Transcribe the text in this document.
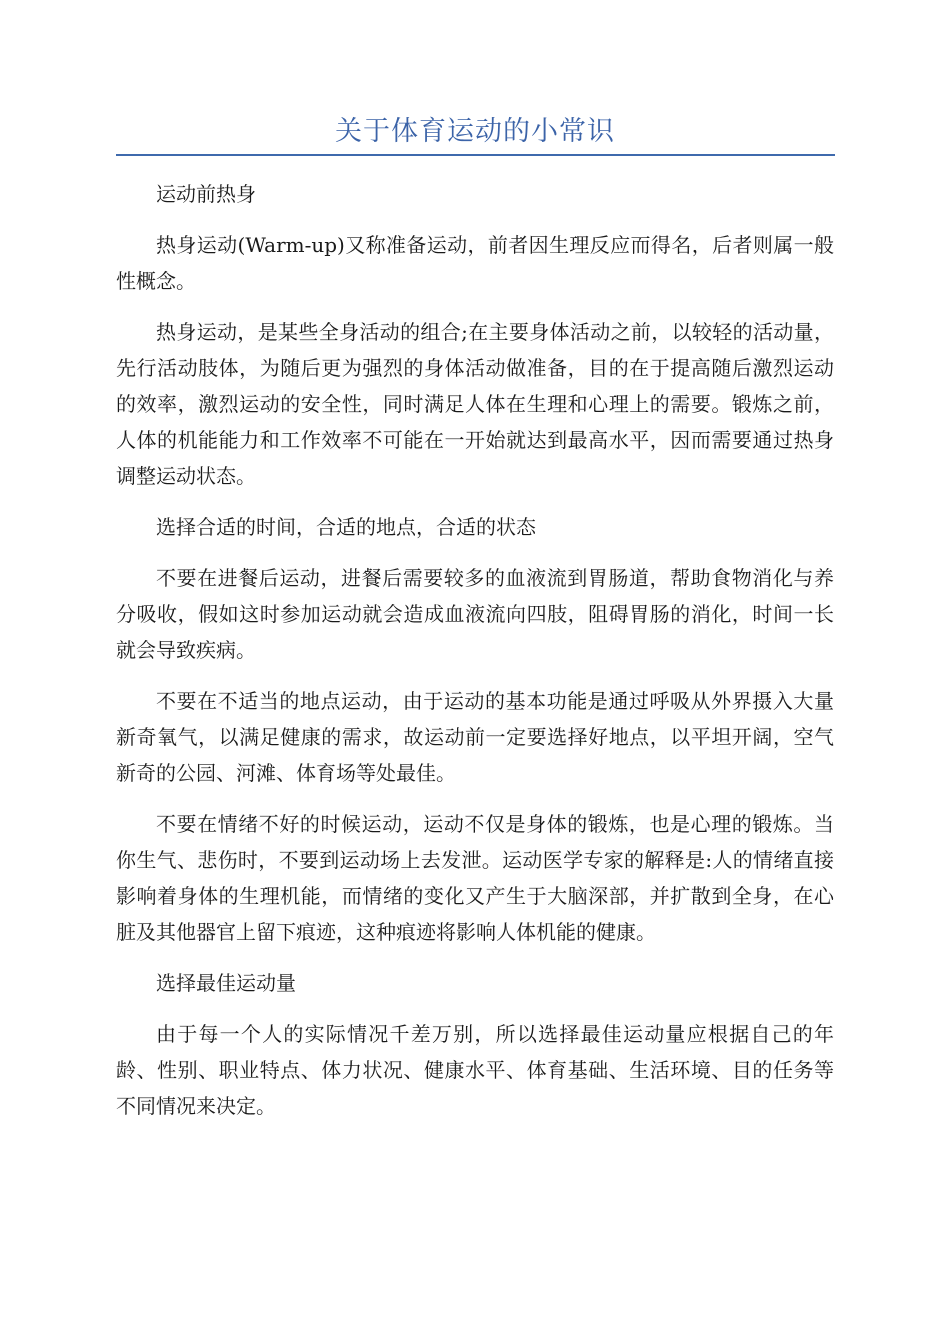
关于体育运动的小常识

运动前热身

热身运动(Warm-up)又称准备运动，前者因生理反应而得名，后者则属一般性概念。

热身运动，是某些全身活动的组合;在主要身体活动之前，以较轻的活动量，先行活动肢体，为随后更为强烈的身体活动做准备，目的在于提高随后激烈运动的效率，激烈运动的安全性，同时满足人体在生理和心理上的需要。锻炼之前，人体的机能能力和工作效率不可能在一开始就达到最高水平，因而需要通过热身调整运动状态。

选择合适的时间，合适的地点，合适的状态

不要在进餐后运动，进餐后需要较多的血液流到胃肠道，帮助食物消化与养分吸收，假如这时参加运动就会造成血液流向四肢，阻碍胃肠的消化，时间一长就会导致疾病。

不要在不适当的地点运动，由于运动的基本功能是通过呼吸从外界摄入大量新奇氧气，以满足健康的需求，故运动前一定要选择好地点，以平坦开阔，空气新奇的公园、河滩、体育场等处最佳。

不要在情绪不好的时候运动，运动不仅是身体的锻炼，也是心理的锻炼。当你生气、悲伤时，不要到运动场上去发泄。运动医学专家的解释是:人的情绪直接影响着身体的生理机能，而情绪的变化又产生于大脑深部，并扩散到全身，在心脏及其他器官上留下痕迹，这种痕迹将影响人体机能的健康。

选择最佳运动量

由于每一个人的实际情况千差万别，所以选择最佳运动量应根据自己的年龄、性别、职业特点、体力状况、健康水平、体育基础、生活环境、目的任务等不同情况来决定。
